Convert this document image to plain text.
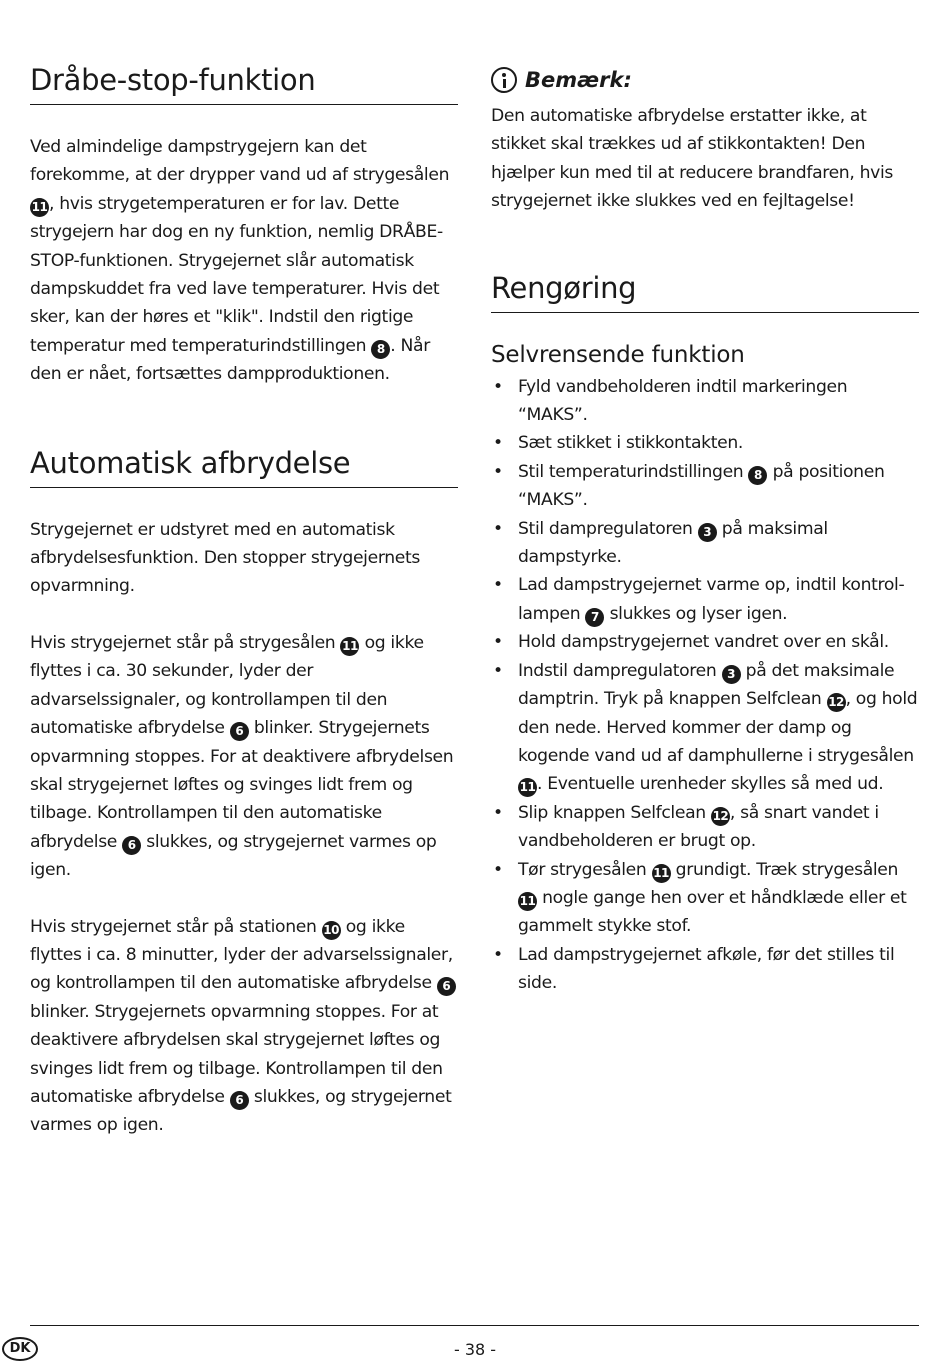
Dråbe-stop-funktion

Ved almindelige dampstrygejern kan det forekomme, at der drypper vand ud af strygesålen 11, hvis strygetemperaturen er for lav. Dette strygejern har dog en ny funktion, nemlig DRÅBE-STOP-funktionen. Strygejernet slår automatisk dampskuddet fra ved lave temperaturer. Hvis det sker, kan der høres et "klik". Indstil den rigtige temperatur med temperaturindstillingen 8 . Når den er nået, fortsættes dampproduktionen.

Automatisk afbrydelse

Strygejernet er udstyret med en automatisk afbrydelsesfunktion. Den stopper strygejernets opvarmning.

Hvis strygejernet står på strygesålen 11 og ikke flyttes i ca. 30 sekunder, lyder der advarselssignaler, og kontrollampen til den automatiske afbrydelse 6 blinker. Strygejernets opvarmning stoppes. For at deaktivere afbrydelsen skal strygejernet løftes og svinges lidt frem og tilbage. Kontrollampen til den automatiske afbrydelse 6 slukkes, og strygejernet varmes op igen.

Hvis strygejernet står på stationen 10 og ikke flyttes i ca. 8 minutter, lyder der advarselssignaler, og kontrollampen til den automatiske afbrydelse 6 blinker. Strygejernets opvarmning stoppes. For at deaktivere afbrydelsen skal strygejernet løftes og svinges lidt frem og tilbage. Kontrollampen til den automatiske afbrydelse 6 slukkes, og strygejernet varmes op igen.

Bemærk:

Den automatiske afbrydelse erstatter ikke, at stikket skal trækkes ud af stikkontakten! Den hjælper kun med til at reducere brandfaren, hvis strygejernet ikke slukkes ved en fejltagelse!

Rengøring
Selvrensende funktion
• Fyld vandbeholderen indtil markeringen “MAKS”.
• Sæt stikket i stikkontakten.
• Stil temperaturindstillingen 8 på positionen “MAKS”.
• Stil dampregulatoren 3 på maksimal dampstyrke.
• Lad dampstrygejernet varme op, indtil kontrollampen 7 slukkes og lyser igen.
• Hold dampstrygejernet vandret over en skål.
• Indstil dampregulatoren 3 på det maksimale damptrin. Tryk på knappen Selfclean 12, og hold den nede. Herved kommer der damp og kogende vand ud af damphullerne i strygesålen 11. Eventuelle urenheder skylles så med ud.
• Slip knappen Selfclean 12, så snart vandet i vandbeholderen er brugt op.
• Tør strygesålen 11 grundigt. Træk strygesålen 11 nogle gange hen over et håndklæde eller et gammelt stykke stof.
• Lad dampstrygejernet afkøle, før det stilles til side.
DK	- 38 -
